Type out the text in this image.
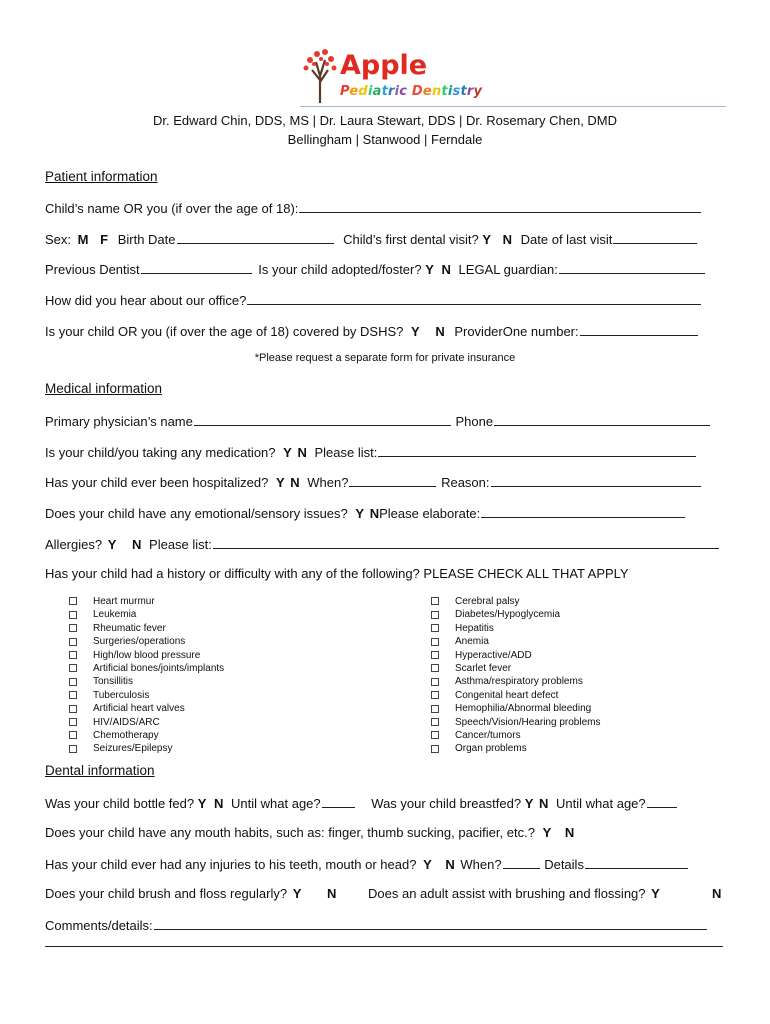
Apple
Pediatric Dentistry
Dr. Edward Chin, DDS, MS | Dr. Laura Stewart, DDS | Dr. Rosemary Chen, DMD
Bellingham | Stanwood | Ferndale
Patient information
Child’s name OR you (if over the age of 18):
Sex: M F Birth Date	Child’s first dental visit? Y N Date of last visit
Previous Dentist	Is your child adopted/foster? Y N LEGAL guardian:
How did you hear about our office?
Is your child OR you (if over the age of 18) covered by DSHS? Y N ProviderOne number:
*Please request a separate form for private insurance
Medical information
Primary physician’s name	Phone
Is your child/you taking any medication? Y N Please list:
Has your child ever been hospitalized? Y N When?	Reason:
Does your child have any emotional/sensory issues? Y NPlease elaborate:
Allergies? Y N Please list:
Has your child had a history or difficulty with any of the following? PLEASE CHECK ALL THAT APPLY
Heart murmur
Leukemia
Rheumatic fever
Surgeries/operations
High/low blood pressure
Artificial bones/joints/implants
Tonsillitis
Tuberculosis
Artificial heart valves
HIV/AIDS/ARC
Chemotherapy
Seizures/Epilepsy
Cerebral palsy
Diabetes/Hypoglycemia
Hepatitis
Anemia
Hyperactive/ADD
Scarlet fever
Asthma/respiratory problems
Congenital heart defect
Hemophilia/Abnormal bleeding
Speech/Vision/Hearing problems
Cancer/tumors
Organ problems
Dental information
Was your child bottle fed? Y N Until what age?	Was your child breastfed? Y N Until what age?
Does your child have any mouth habits, such as: finger, thumb sucking, pacifier, etc.? Y N
Has your child ever had any injuries to his teeth, mouth or head? Y N When?	Details
Does your child brush and floss regularly? Y N Does an adult assist with brushing and flossing? Y	N
Comments/details:
